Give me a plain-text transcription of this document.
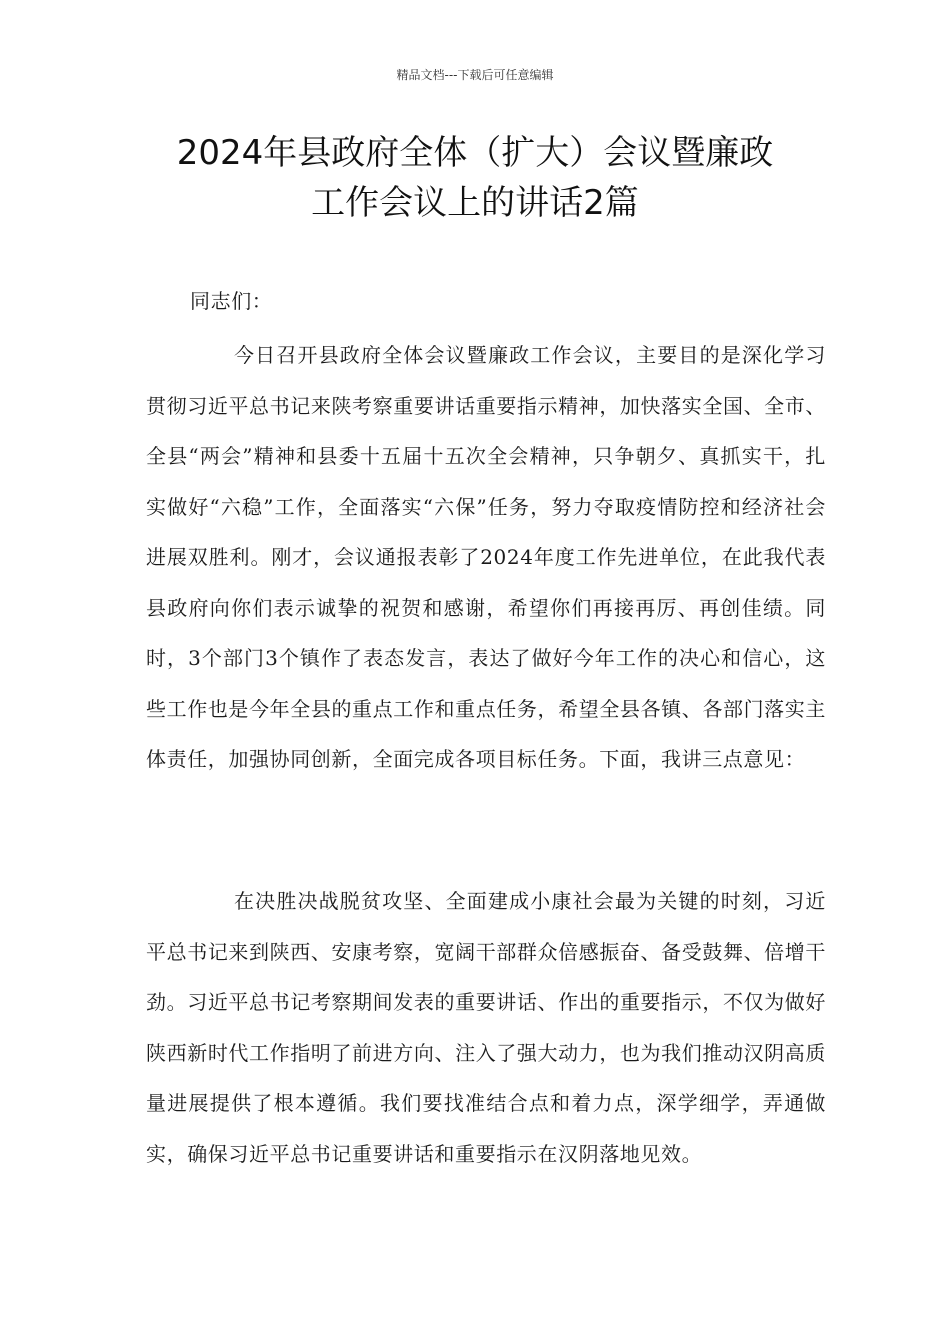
精品文档---下载后可任意编辑
2024年县政府全体（扩大）会议暨廉政
工作会议上的讲话2篇

同志们：

今日召开县政府全体会议暨廉政工作会议，主要目的是深化学习贯彻习近平总书记来陕考察重要讲话重要指示精神，加快落实全国、全市、全县“两会”精神和县委十五届十五次全会精神，只争朝夕、真抓实干，扎实做好“六稳”工作，全面落实“六保”任务，努力夺取疫情防控和经济社会进展双胜利。刚才，会议通报表彰了2024年度工作先进单位，在此我代表县政府向你们表示诚挚的祝贺和感谢，希望你们再接再厉、再创佳绩。同时，3个部门3个镇作了表态发言，表达了做好今年工作的决心和信心，这些工作也是今年全县的重点工作和重点任务，希望全县各镇、各部门落实主体责任，加强协同创新，全面完成各项目标任务。下面，我讲三点意见：

在决胜决战脱贫攻坚、全面建成小康社会最为关键的时刻，习近平总书记来到陕西、安康考察，宽阔干部群众倍感振奋、备受鼓舞、倍增干劲。习近平总书记考察期间发表的重要讲话、作出的重要指示，不仅为做好陕西新时代工作指明了前进方向、注入了强大动力，也为我们推动汉阴高质量进展提供了根本遵循。我们要找准结合点和着力点，深学细学，弄通做实，确保习近平总书记重要讲话和重要指示在汉阴落地见效。
